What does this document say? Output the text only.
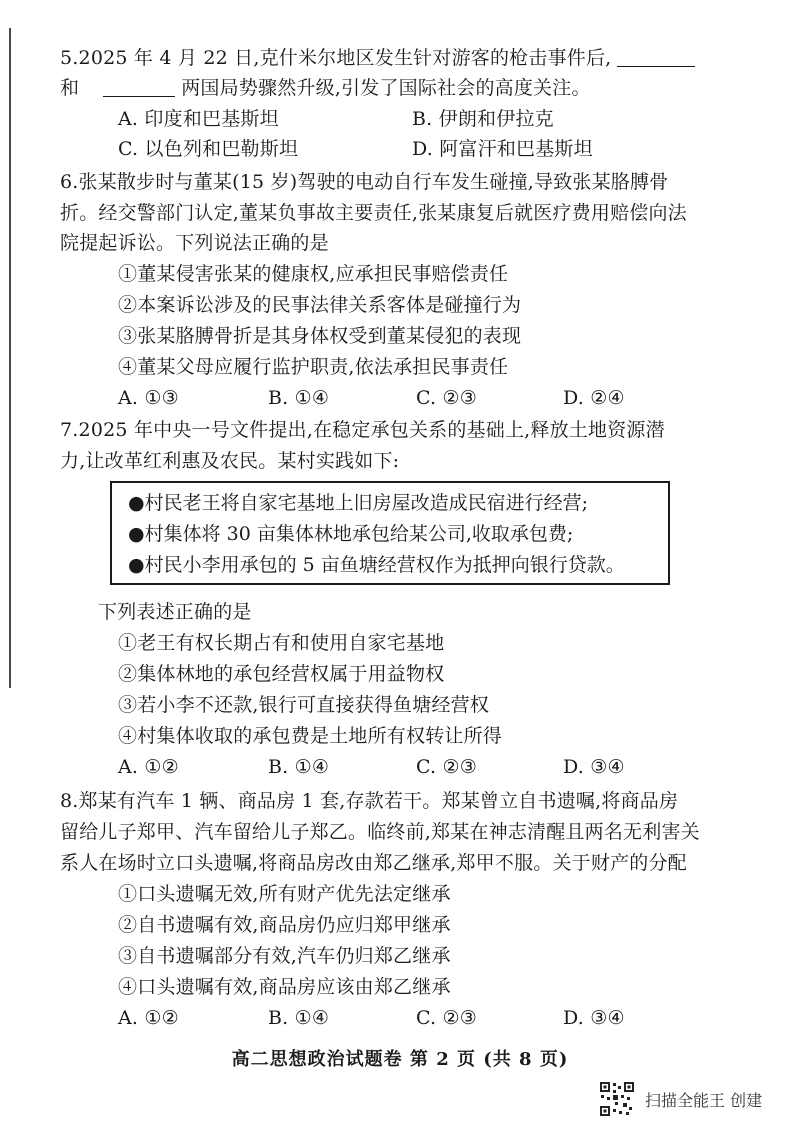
5.2025 年 4 月 22 日,克什米尔地区发生针对游客的枪击事件后,
和	两国局势骤然升级,引发了国际社会的高度关注。
A. 印度和巴基斯坦	B. 伊朗和伊拉克
C. 以色列和巴勒斯坦	D. 阿富汗和巴基斯坦
6.张某散步时与董某(15 岁)驾驶的电动自行车发生碰撞,导致张某胳膊骨
折。经交警部门认定,董某负事故主要责任,张某康复后就医疗费用赔偿向法
院提起诉讼。下列说法正确的是
①董某侵害张某的健康权,应承担民事赔偿责任
②本案诉讼涉及的民事法律关系客体是碰撞行为
③张某胳膊骨折是其身体权受到董某侵犯的表现
④董某父母应履行监护职责,依法承担民事责任
A. ①③	B. ①④	C. ②③	D. ②④
7.2025 年中央一号文件提出,在稳定承包关系的基础上,释放土地资源潜
力,让改革红利惠及农民。某村实践如下:
●村民老王将自家宅基地上旧房屋改造成民宿进行经营;
●村集体将 30 亩集体林地承包给某公司,收取承包费;
●村民小李用承包的 5 亩鱼塘经营权作为抵押向银行贷款。
下列表述正确的是
①老王有权长期占有和使用自家宅基地
②集体林地的承包经营权属于用益物权
③若小李不还款,银行可直接获得鱼塘经营权
④村集体收取的承包费是土地所有权转让所得
A. ①②	B. ①④	C. ②③	D. ③④
8.郑某有汽车 1 辆、商品房 1 套,存款若干。郑某曾立自书遗嘱,将商品房
留给儿子郑甲、汽车留给儿子郑乙。临终前,郑某在神志清醒且两名无利害关
系人在场时立口头遗嘱,将商品房改由郑乙继承,郑甲不服。关于财产的分配
①口头遗嘱无效,所有财产优先法定继承
②自书遗嘱有效,商品房仍应归郑甲继承
③自书遗嘱部分有效,汽车仍归郑乙继承
④口头遗嘱有效,商品房应该由郑乙继承
A. ①②	B. ①④	C. ②③	D. ③④
高二思想政治试题卷 第 2 页 (共 8 页)
扫描全能王 创建
